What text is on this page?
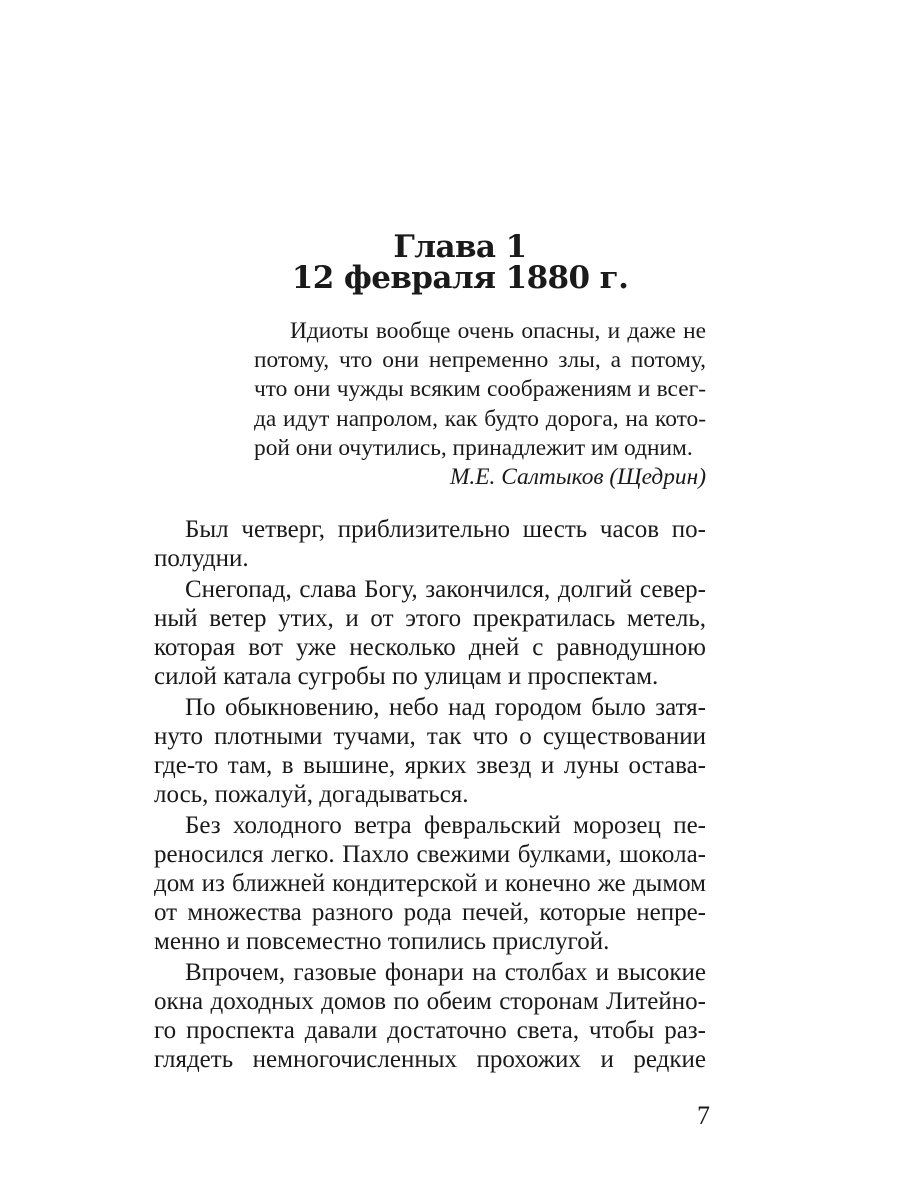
Глава 1
12 февраля 1880 г.
Идиоты вообще очень опасны, и даже не
потому, что они непременно злы, а потому,
что они чужды всяким соображениям и всег-
да идут напролом, как будто дорога, на кото-
рой они очутились, принадлежит им одним.
М.Е. Салтыков (Щедрин)
Был четверг, приблизительно шесть часов по-
полудни.
Снегопад, слава Богу, закончился, долгий север-
ный ветер утих, и от этого прекратилась метель,
которая вот уже несколько дней с равнодушною
силой катала сугробы по улицам и проспектам.
По обыкновению, небо над городом было затя-
нуто плотными тучами, так что о существовании
где-то там, в вышине, ярких звезд и луны остава-
лось, пожалуй, догадываться.
Без холодного ветра февральский морозец пе-
реносился легко. Пахло свежими булками, шокола-
дом из ближней кондитерской и конечно же дымом
от множества разного рода печей, которые непре-
менно и повсеместно топились прислугой.
Впрочем, газовые фонари на столбах и высокие
окна доходных домов по обеим сторонам Литейно-
го проспекта давали достаточно света, чтобы раз-
глядеть немногочисленных прохожих и редкие
7
